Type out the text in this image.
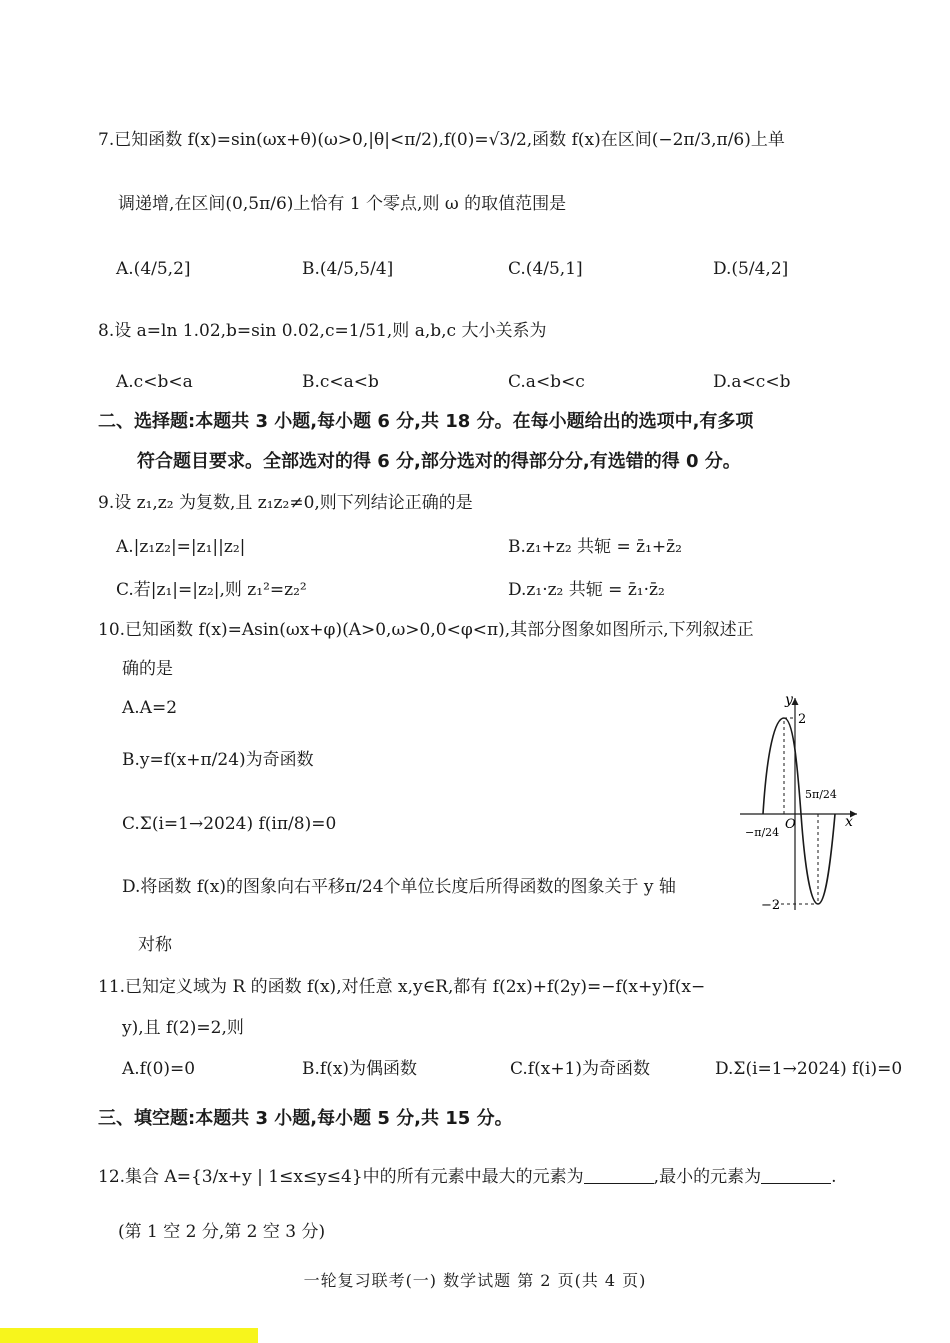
7.已知函数 f(x)=sin(ωx+θ)(ω>0,|θ|<π/2),f(0)=√3/2,函数 f(x)在区间(−2π/3,π/6)上单
调递增,在区间(0,5π/6)上恰有 1 个零点,则 ω 的取值范围是
A.(4/5,2]	B.(4/5,5/4]	C.(4/5,1]	D.(5/4,2]
8.设 a=ln 1.02,b=sin 0.02,c=1/51,则 a,b,c 大小关系为
A.c<b<a	B.c<a<b	C.a<b<c	D.a<c<b
二、选择题:本题共 3 小题,每小题 6 分,共 18 分。在每小题给出的选项中,有多项
符合题目要求。全部选对的得 6 分,部分选对的得部分分,有选错的得 0 分。
9.设 z₁,z₂ 为复数,且 z₁z₂≠0,则下列结论正确的是
A.|z₁z₂|=|z₁||z₂|	B.z₁+z₂ 共轭 = z̄₁+z̄₂
C.若|z₁|=|z₂|,则 z₁²=z₂²	D.z₁·z₂ 共轭 = z̄₁·z̄₂
10.已知函数 f(x)=Asin(ωx+φ)(A>0,ω>0,0<φ<π),其部分图象如图所示,下列叙述正
确的是
A.A=2
B.y=f(x+π/24)为奇函数
C.Σ(i=1→2024) f(iπ/8)=0
D.将函数 f(x)的图象向右平移π/24个单位长度后所得函数的图象关于 y 轴
对称
y
x
O
2
−2
−π/24
5π/24
11.已知定义域为 R 的函数 f(x),对任意 x,y∈R,都有 f(2x)+f(2y)=−f(x+y)f(x−
y),且 f(2)=2,则
A.f(0)=0	B.f(x)为偶函数	C.f(x+1)为奇函数	D.Σ(i=1→2024) f(i)=0
三、填空题:本题共 3 小题,每小题 5 分,共 15 分。
12.集合 A={3/x+y | 1≤x≤y≤4}中的所有元素中最大的元素为	,最小的元素为	.
(第 1 空 2 分,第 2 空 3 分)
一轮复习联考(一) 数学试题 第 2 页(共 4 页)
